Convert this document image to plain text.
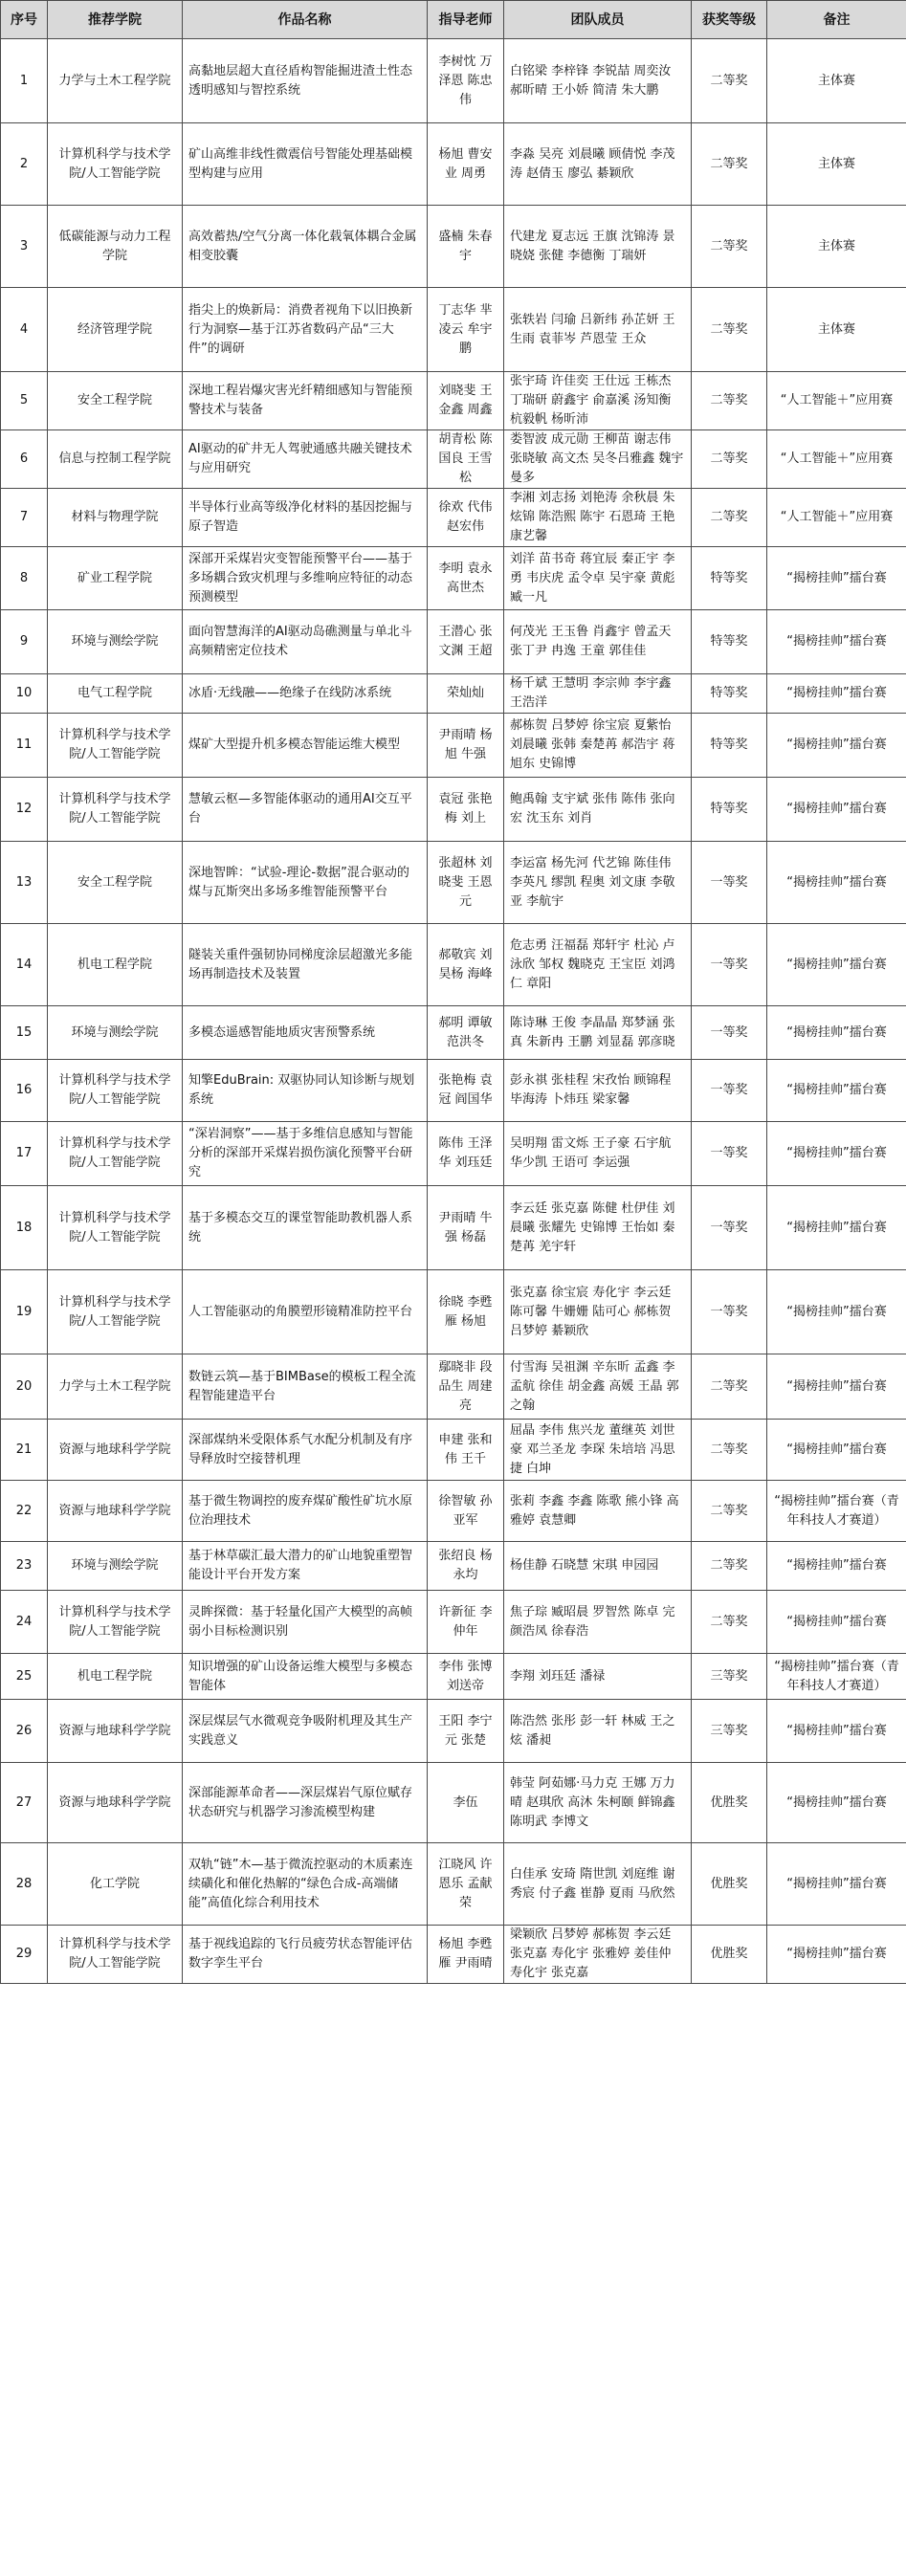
序号	推荐学院	作品名称	指导老师	团队成员	获奖等级	备注
1	力学与土木工程学院	高黏地层超大直径盾构智能掘进渣土性态透明感知与智控系统	李树忱 万泽恩 陈忠伟	白铭梁 李梓锋 李锐喆 周奕汝 郝昕晴 王小娇 简清 朱大鹏	二等奖	主体赛
2	计算机科学与技术学院/人工智能学院	矿山高维非线性微震信号智能处理基础模型构建与应用	杨旭 曹安业 周勇	李淼 吴亮 刘晨曦 顾倩悦 李茂涛 赵倩玉 廖弘 綦颖欣	二等奖	主体赛
3	低碳能源与动力工程学院	高效蓄热/空气分离一体化载氧体耦合金属相变胶囊	盛楠 朱春宇	代建龙 夏志远 王旗 沈锦涛 景晓娆 张健 李德衡 丁瑞妍	二等奖	主体赛
4	经济管理学院	指尖上的焕新局：消费者视角下以旧换新行为洞察—基于江苏省数码产品“三大件”的调研	丁志华 芈凌云 牟宇鹏	张轶岩 闫瑜 吕新纬 孙芷妍 王生雨 袁菲岑 芦恩莹 王众	二等奖	主体赛
5	安全工程学院	深地工程岩爆灾害光纤精细感知与智能预警技术与装备	刘晓斐 王金鑫 周鑫	张宇琦 许佳奕 王仕远 王栋杰 丁瑞研 蔚鑫宇 俞嘉溪 汤知衡 杭毅帆 杨昕沛	二等奖	“人工智能＋”应用赛
6	信息与控制工程学院	AI驱动的矿井无人驾驶通感共融关键技术与应用研究	胡青松 陈国良 王雪松	娄智波 成元勋 王柳苗 谢志伟 张晓敏 高文杰 吴冬吕雅鑫 魏宇 曼多	二等奖	“人工智能＋”应用赛
7	材料与物理学院	半导体行业高等级净化材料的基因挖掘与原子智造	徐欢 代伟 赵宏伟	李湘 刘志扬 刘艳涛 余秋晨 朱炫锦 陈浩熙 陈宇 石恩琦 王艳 康艺馨	二等奖	“人工智能＋”应用赛
8	矿业工程学院	深部开采煤岩灾变智能预警平台——基于多场耦合致灾机理与多维响应特征的动态预测模型	李明 袁永 高世杰	刘洋 苗书奇 蒋宜辰 秦正宇 李勇 韦庆虎 孟令卓 吴宇豪 黄彪 臧一凡	特等奖	“揭榜挂帅”擂台赛
9	环境与测绘学院	面向智慧海洋的AI驱动岛礁测量与单北斗高频精密定位技术	王潜心 张文渊 王超	何茂光 王玉鲁 肖鑫宇 曾孟天 张丁尹 冉逸 王童 郭佳佳	特等奖	“揭榜挂帅”擂台赛
10	电气工程学院	冰盾·无线融——绝缘子在线防冰系统	荣灿灿	杨千斌 王慧明 李宗帅 李宇鑫 王浩洋	特等奖	“揭榜挂帅”擂台赛
11	计算机科学与技术学院/人工智能学院	煤矿大型提升机多模态智能运维大模型	尹雨晴 杨旭 牛强	郝栋贺 吕梦婷 徐宝宸 夏紫怡 刘晨曦 张韩 秦楚苒 郝浩宇 蒋旭东 史锦博	特等奖	“揭榜挂帅”擂台赛
12	计算机科学与技术学院/人工智能学院	慧敏云枢—多智能体驱动的通用AI交互平台	袁冠 张艳梅 刘上	鲍禹翰 支宇斌 张伟 陈伟 张向宏 沈玉东 刘肖	特等奖	“揭榜挂帅”擂台赛
13	安全工程学院	深地智眸：“试验-理论-数据”混合驱动的煤与瓦斯突出多场多维智能预警平台	张超林 刘晓斐 王恩元	李运富 杨先河 代艺锦 陈佳伟 李英凡 缪凯 程奥 刘文康 李敬亚 李航宇	一等奖	“揭榜挂帅”擂台赛
14	机电工程学院	隧装关重件强韧协同梯度涂层超激光多能场再制造技术及装置	郝敬宾 刘昊杨 海峰	危志勇 汪福磊 郑轩宇 杜沁 卢泳欣 邹权 魏晓克 王宝臣 刘鸿仁 章阳	一等奖	“揭榜挂帅”擂台赛
15	环境与测绘学院	多模态遥感智能地质灾害预警系统	郝明 谭敏 范洪冬	陈诗琳 王俊 李晶晶 郑梦涵 张真 朱新冉 王鹏 刘显磊 郭彦晓	一等奖	“揭榜挂帅”擂台赛
16	计算机科学与技术学院/人工智能学院	知擎EduBrain: 双驱协同认知诊断与规划系统	张艳梅 袁冠 阎国华	彭永祺 张桂程 宋孜怡 顾锦程 毕海涛 卜炜珏 梁家馨	一等奖	“揭榜挂帅”擂台赛
17	计算机科学与技术学院/人工智能学院	“深岩洞察”——基于多维信息感知与智能分析的深部开采煤岩损伤演化预警平台研究	陈伟 王泽华 刘珏廷	吴明翔 雷文烁 王子豪 石宇航 华少凯 王语可 李运强	一等奖	“揭榜挂帅”擂台赛
18	计算机科学与技术学院/人工智能学院	基于多模态交互的课堂智能助教机器人系统	尹雨晴 牛强 杨磊	李云廷 张克嘉 陈健 杜伊佳 刘晨曦 张耀先 史锦博 王怡如 秦楚苒 羌宇轩	一等奖	“揭榜挂帅”擂台赛
19	计算机科学与技术学院/人工智能学院	人工智能驱动的角膜塑形镜精准防控平台	徐晓 李甦雁 杨旭	张克嘉 徐宝宸 寿化宇 李云廷 陈可馨 牛姗姗 陆可心 郝栋贺 吕梦婷 綦颖欣	一等奖	“揭榜挂帅”擂台赛
20	力学与土木工程学院	数链云筑—基于BIMBase的模板工程全流程智能建造平台	鄢晓非 段品生 周建亮	付雪海 吴祖渊 辛东昕 孟鑫 李孟航 徐佳 胡金鑫 高媛 王晶 郭之翰	二等奖	“揭榜挂帅”擂台赛
21	资源与地球科学学院	深部煤纳米受限体系气水配分机制及有序导释放时空接替机理	申建 张和伟 王千	屈晶 李伟 焦兴龙 董继英 刘世豪 邓兰圣龙 李琛 朱培培 冯思捷 白坤	二等奖	“揭榜挂帅”擂台赛
22	资源与地球科学学院	基于微生物调控的废弃煤矿酸性矿坑水原位治理技术	徐智敏 孙亚军	张莉 李鑫 李鑫 陈歌 熊小锋 高雅婷 袁慧卿	二等奖	“揭榜挂帅”擂台赛（青年科技人才赛道）
23	环境与测绘学院	基于林草碳汇最大潜力的矿山地貌重塑智能设计平台开发方案	张绍良 杨永均	杨佳静 石晓慧 宋琪 申园园	二等奖	“揭榜挂帅”擂台赛
24	计算机科学与技术学院/人工智能学院	灵眸探微：基于轻量化国产大模型的高帧弱小目标检测识别	许新征 李仲年	焦子琮 臧昭晨 罗智然 陈卓 完颜浩凤 徐春浩	二等奖	“揭榜挂帅”擂台赛
25	机电工程学院	知识增强的矿山设备运维大模型与多模态智能体	李伟 张博 刘送帝	李翔 刘珏廷 潘禄	三等奖	“揭榜挂帅”擂台赛（青年科技人才赛道）
26	资源与地球科学学院	深层煤层气水微观竞争吸附机理及其生产实践意义	王阳 李宁元 张楚	陈浩然 张彤 彭一轩 林威 王之炫 潘昶	三等奖	“揭榜挂帅”擂台赛
27	资源与地球科学学院	深部能源革命者——深层煤岩气原位赋存状态研究与机器学习渗流模型构建	李伍	韩莹 阿茹娜·马力克 王娜 万力晴 赵琪欣 高沐 朱柯颐 鲜锦鑫 陈明武 李博文	优胜奖	“揭榜挂帅”擂台赛
28	化工学院	双轨“链”木—基于微流控驱动的木质素连续磺化和催化热解的“绿色合成-高端储能”高值化综合利用技术	江晓风 许恩乐 孟献荣	白佳承 安琦 隋世凯 刘庭维 谢秀宸 付子鑫 崔静 夏雨 马欣然	优胜奖	“揭榜挂帅”擂台赛
29	计算机科学与技术学院/人工智能学院	基于视线追踪的飞行员疲劳状态智能评估数字孪生平台	杨旭 李甦雁 尹雨晴	梁颖欣 吕梦婷 郝栋贺 李云廷 张克嘉 寿化宇 张雅婷 姜佳仲 寿化宇 张克嘉	优胜奖	“揭榜挂帅”擂台赛
